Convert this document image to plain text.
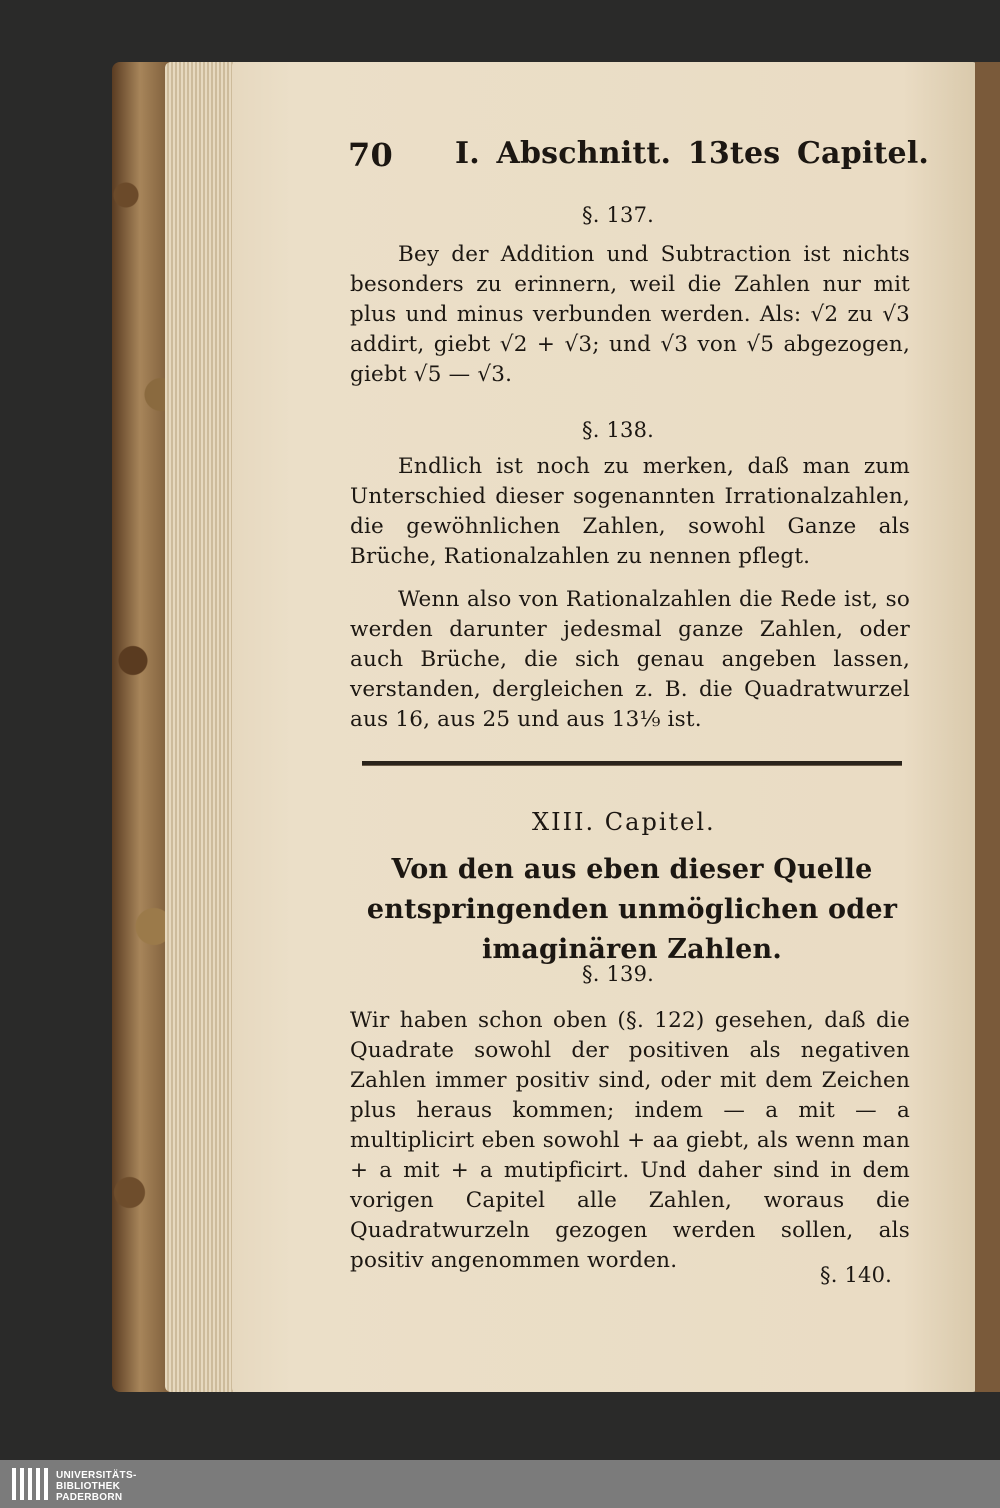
70 I. Abschnitt. 13tes Capitel.
§. 137.
Bey der Addition und Subtraction ist nichts besonders zu erinnern, weil die Zahlen nur mit plus und minus verbunden werden. Als: √2 zu √3 addirt, giebt √2 + √3; und √3 von √5 abgezogen, giebt √5 — √3.
§. 138.
Endlich ist noch zu merken, daß man zum Unterschied dieser sogenannten Irrationalzahlen, die gewöhnlichen Zahlen, sowohl Ganze als Brüche, Rationalzahlen zu nennen pflegt.
Wenn also von Rationalzahlen die Rede ist, so werden darunter jedesmal ganze Zahlen, oder auch Brüche, die sich genau angeben lassen, verstanden, dergleichen z. B. die Quadratwurzel aus 16, aus 25 und aus 13⅑ ist.
XIII. Capitel.
Von den aus eben dieser Quelle entspringenden unmöglichen oder imaginären Zahlen.
§. 139.
Wir haben schon oben (§. 122) gesehen, daß die Quadrate sowohl der positiven als negativen Zahlen immer positiv sind, oder mit dem Zeichen plus heraus kommen; indem — a mit — a multiplicirt eben sowohl + aa giebt, als wenn man + a mit + a mutipficirt. Und daher sind in dem vorigen Capitel alle Zahlen, woraus die Quadratwurzeln gezogen werden sollen, als positiv angenommen worden.
§. 140.
UNIVERSITÄTS-
BIBLIOTHEK
PADERBORN
